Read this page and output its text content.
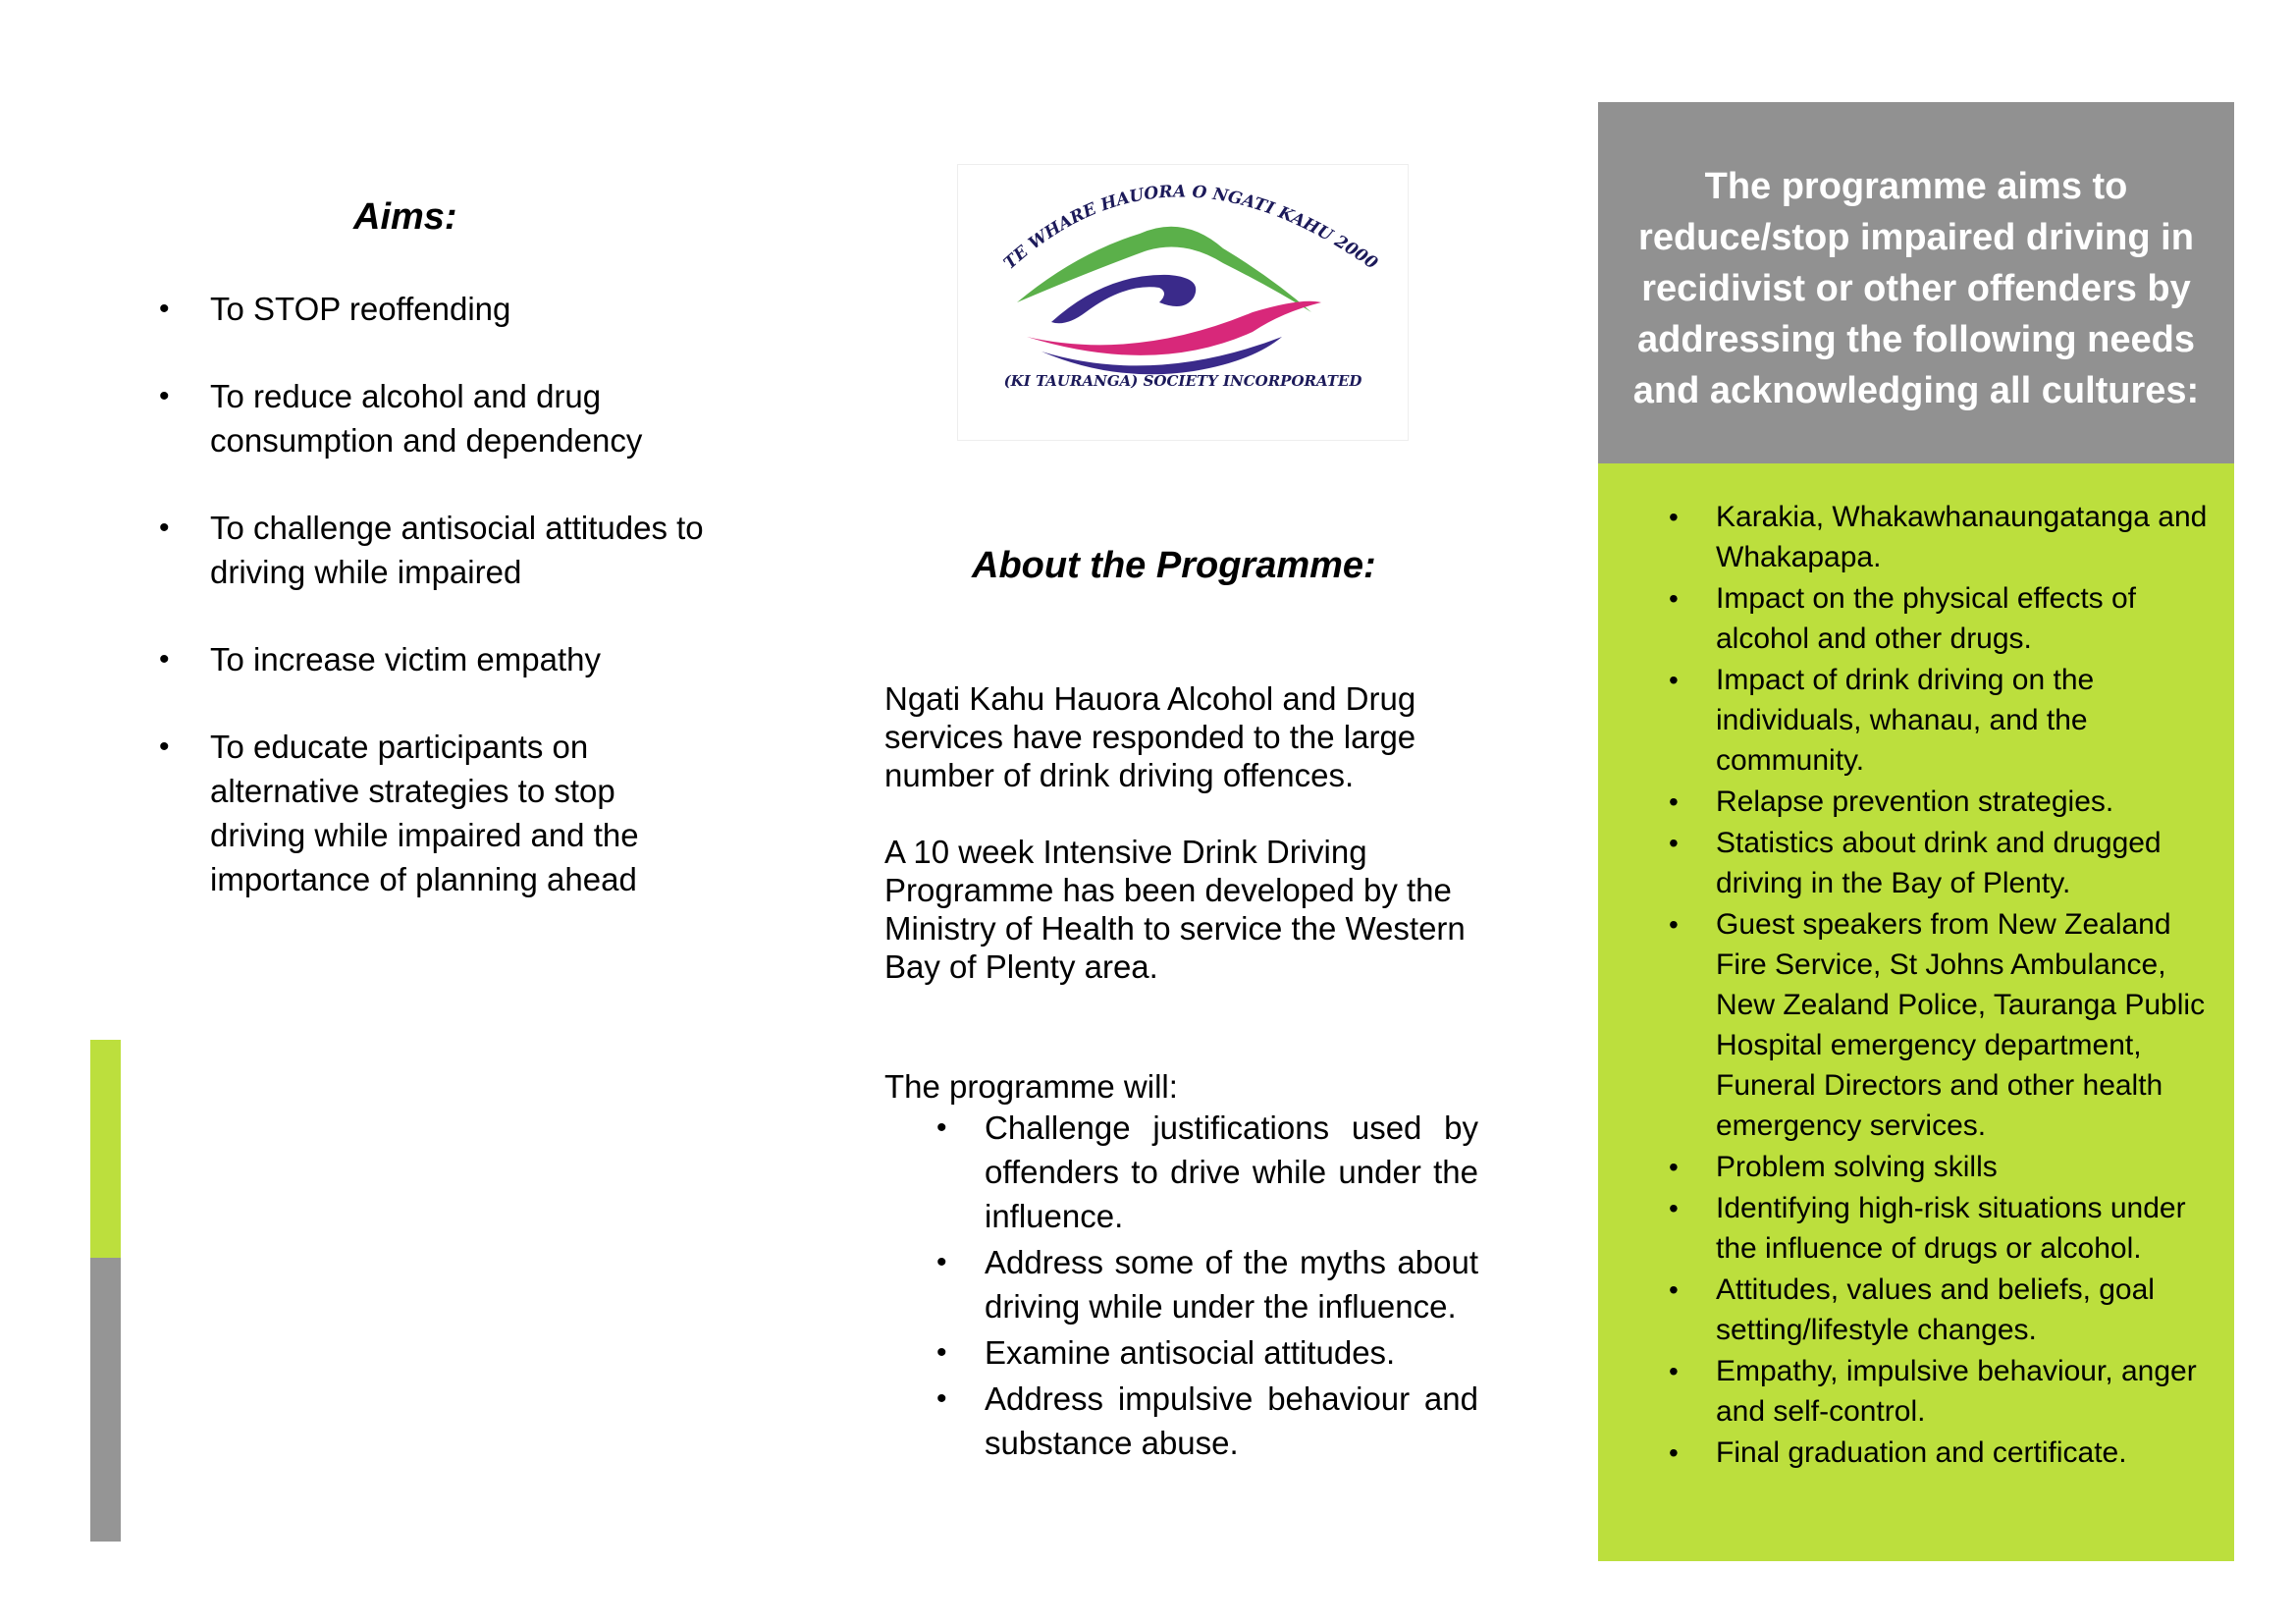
Aims:
• To STOP reoffending
• To reduce alcohol and drug consumption and dependency
• To challenge antisocial attitudes to driving while impaired
• To increase victim empathy
• To educate participants on alternative strategies to stop driving while impaired and the importance of planning ahead
TE WHARE HAUORA O NGATI KAHU 2000
(KI TAURANGA) SOCIETY INCORPORATED
About the Programme:

Ngati Kahu Hauora Alcohol and Drug services have responded to the large number of drink driving offences.

A 10 week Intensive Drink Driving Programme has been developed by the Ministry of Health to service the Western Bay of Plenty area.

The programme will:

• Challenge justifications used by offenders to drive while under the influence.
• Address some of the myths about driving while under the influence.
• Examine antisocial attitudes.
• Address impulsive behaviour and substance abuse.
The programme aims to reduce/stop impaired driving in recidivist or other offenders by addressing the following needs and acknowledging all cultures:
• Karakia, Whakawhanaungatanga and Whakapapa.
• Impact on the physical effects of alcohol and other drugs.
• Impact of drink driving on the individuals, whanau, and the community.
• Relapse prevention strategies.
• Statistics about drink and drugged driving in the Bay of Plenty.
• Guest speakers from New Zealand Fire Service, St Johns Ambulance, New Zealand Police, Tauranga Public Hospital emergency department, Funeral Directors and other health emergency services.
• Problem solving skills
• Identifying high-risk situations under the influence of drugs or alcohol.
• Attitudes, values and beliefs, goal setting/lifestyle changes.
• Empathy, impulsive behaviour, anger and self-control.
• Final graduation and certificate.
